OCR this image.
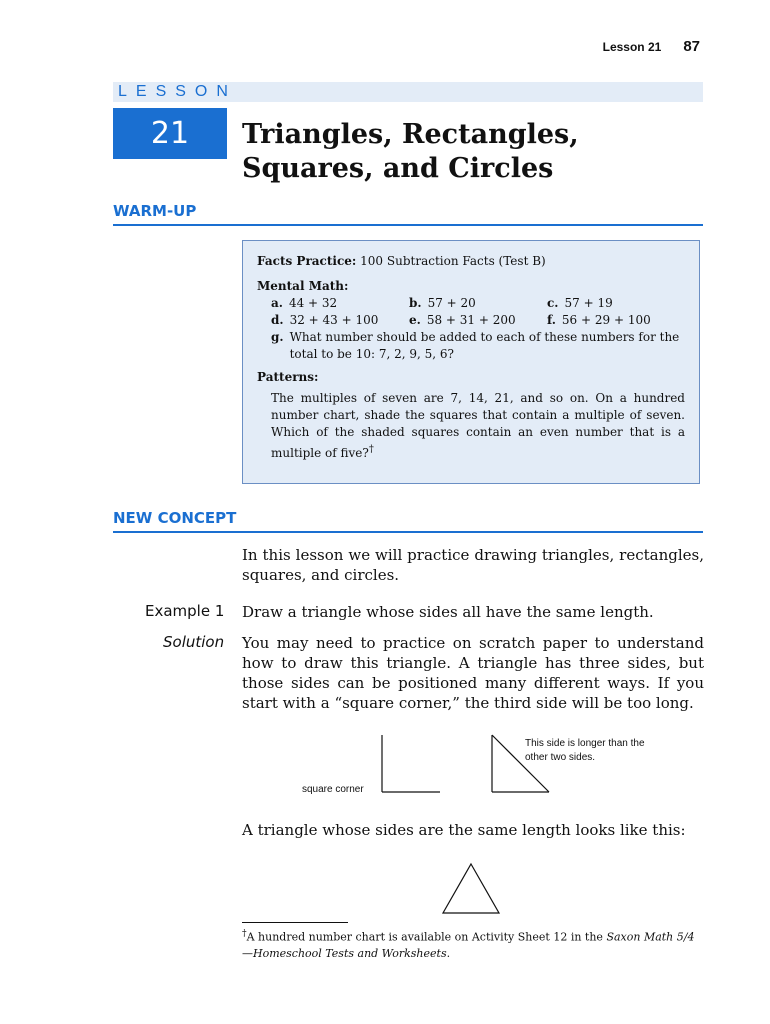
Lesson 21 87
LESSON
21	Triangles, Rectangles,
Squares, and Circles
WARM-UP
Facts Practice: 100 Subtraction Facts (Test B)
Mental Math:
a. 44 + 32	b. 57 + 20	c. 57 + 19
d. 32 + 43 + 100	e. 58 + 31 + 200	f. 56 + 29 + 100
g. What number should be added to each of these numbers for the total to be 10: 7, 2, 9, 5, 6?
Patterns:
The multiples of seven are 7, 14, 21, and so on. On a hundred number chart, shade the squares that contain a multiple of seven. Which of the shaded squares contain an even number that is a multiple of five?†
NEW CONCEPT
In this lesson we will practice drawing triangles, rectangles, squares, and circles.
Example 1 Draw a triangle whose sides all have the same length.
Solution You may need to practice on scratch paper to understand how to draw this triangle. A triangle has three sides, but those sides can be positioned many different ways. If you start with a “square corner,” the third side will be too long.
square corner
This side is longer than the other two sides.
A triangle whose sides are the same length looks like this:
†A hundred number chart is available on Activity Sheet 12 in the Saxon Math 5/4—Homeschool Tests and Worksheets.
